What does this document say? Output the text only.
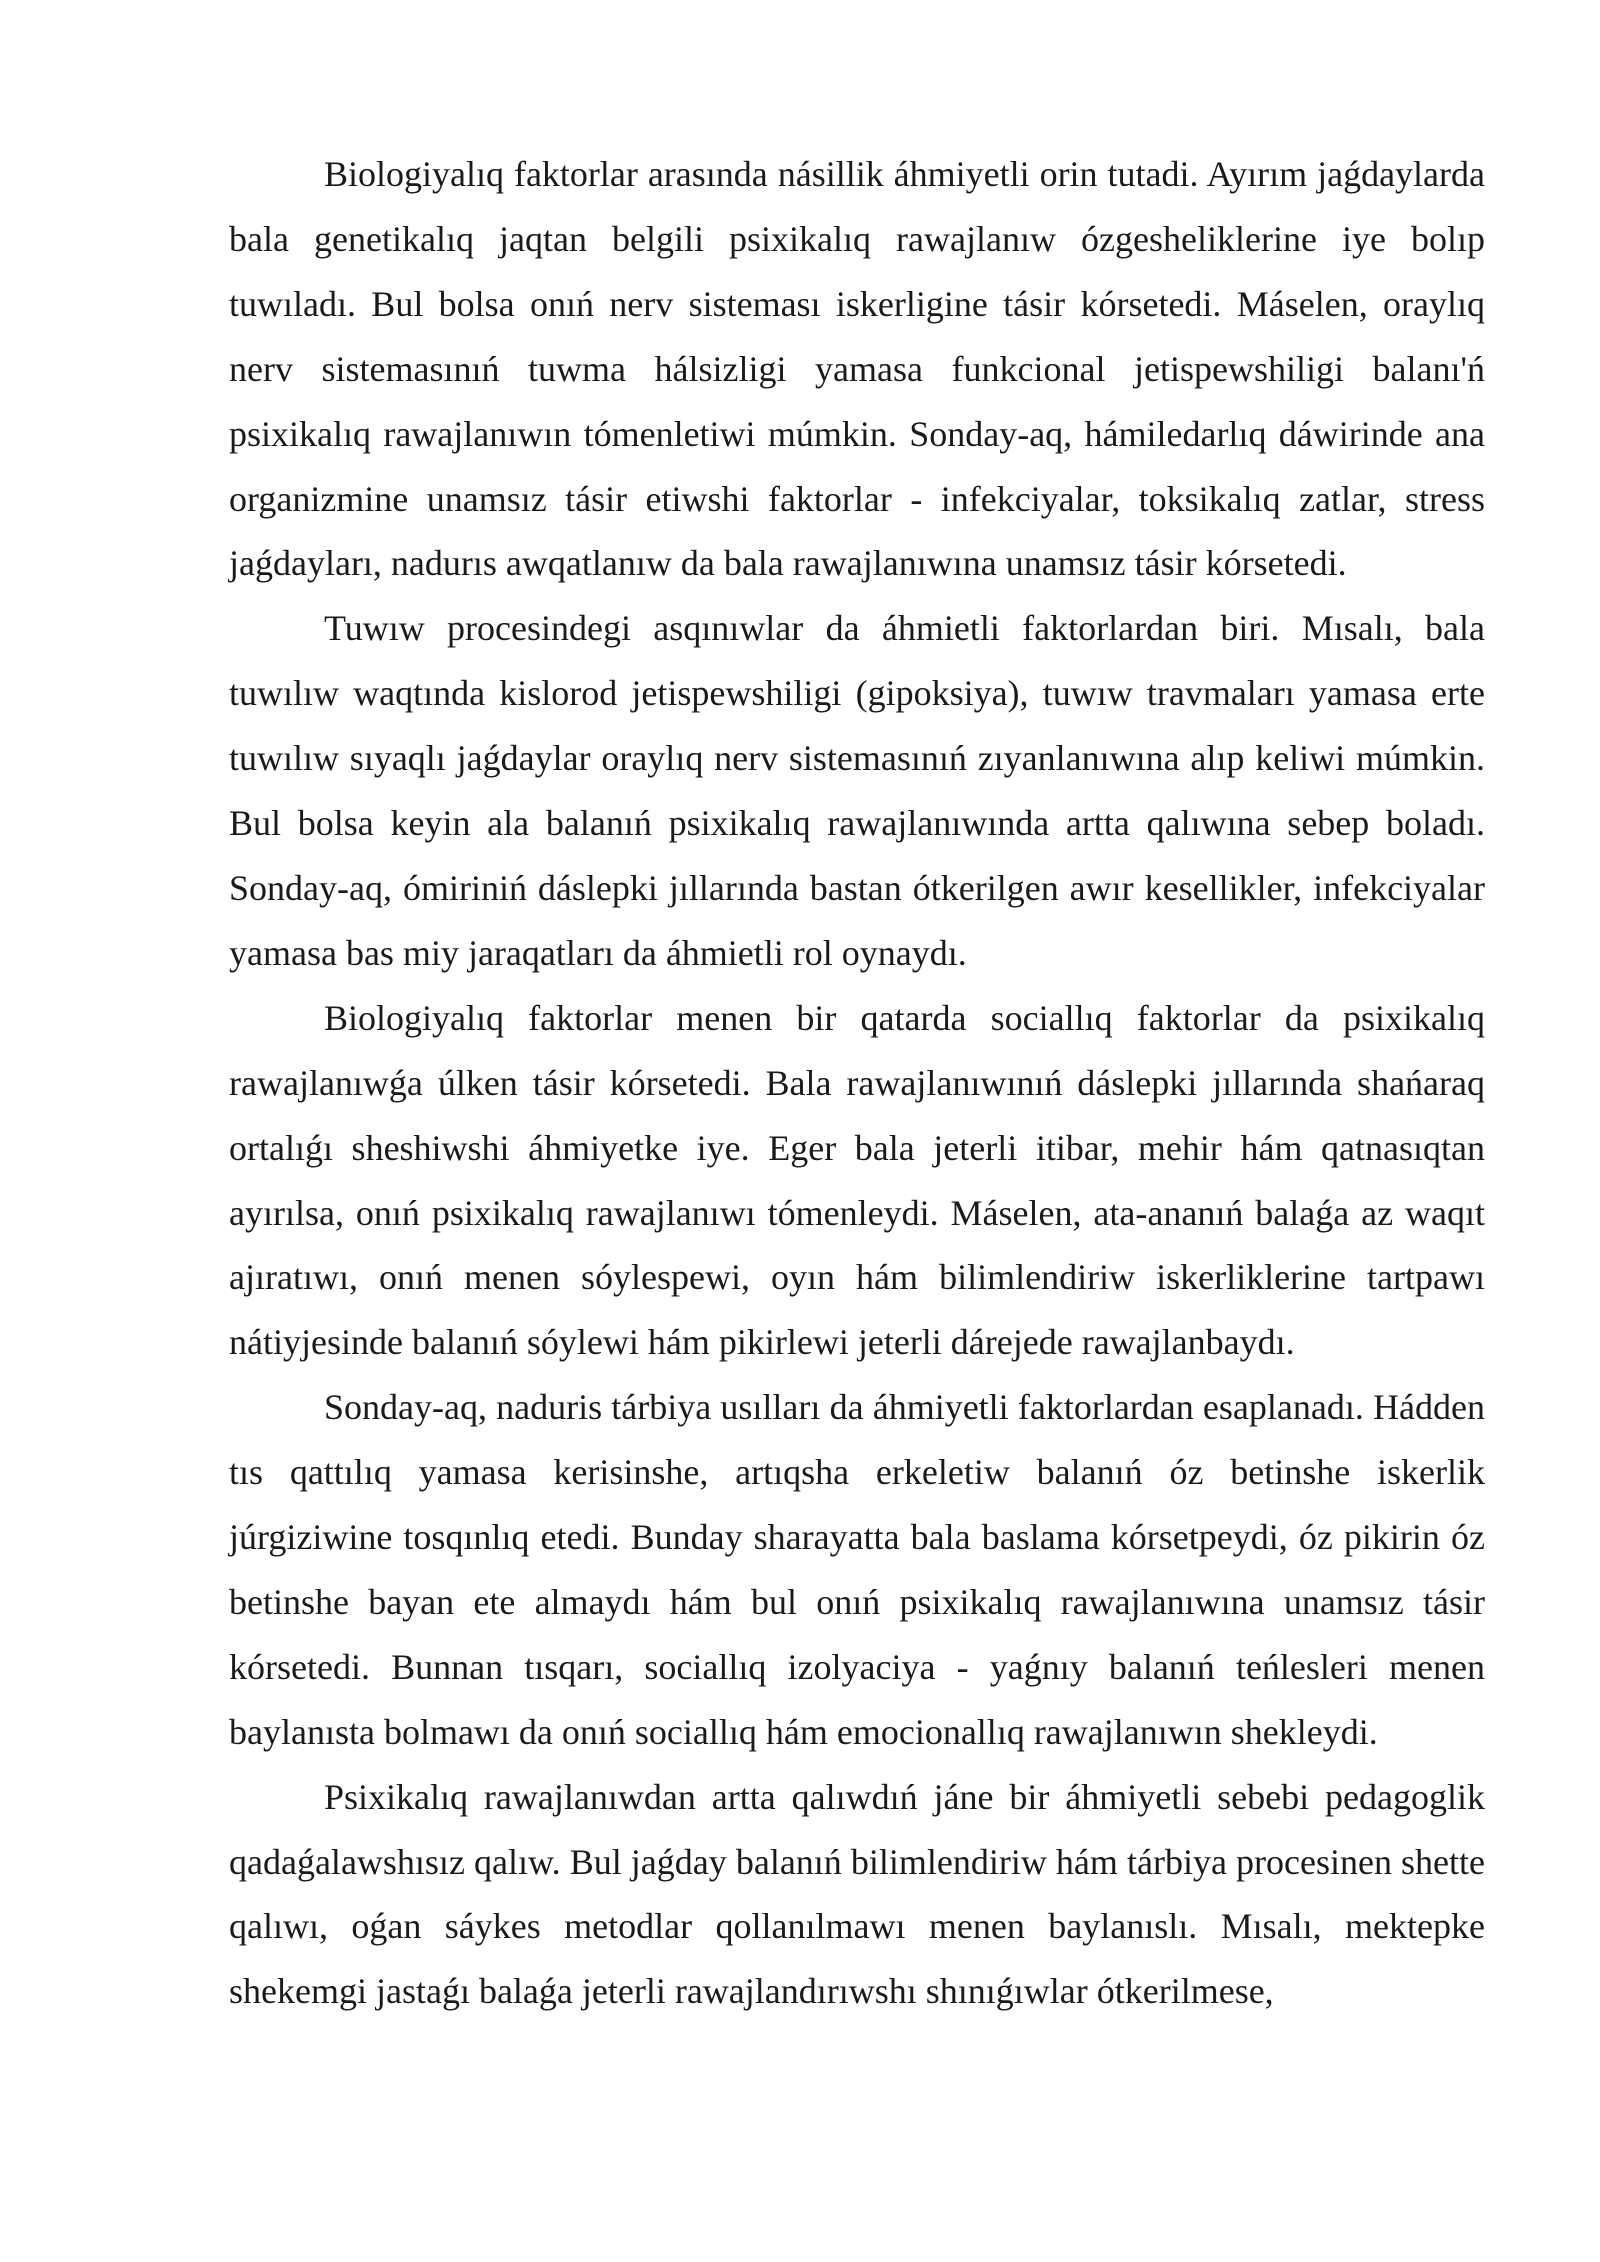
Biologiyalıq faktorlar arasında násillik áhmiyetli orin tutadi. Ayırım jaǵdaylarda bala genetikalıq jaqtan belgili psixikalıq rawajlanıw ózgesheliklerine iye bolıp tuwıladı. Bul bolsa onıń nerv sisteması iskerligine tásir kórsetedi. Máselen, oraylıq nerv sistemasınıń tuwma hálsizligi yamasa funkcional jetispewshiligi balanı'ń psixikalıq rawajlanıwın tómenletiwi múmkin. Sonday-aq, hámiledarlıq dáwirinde ana organizmine unamsız tásir etiwshi faktorlar - infekciyalar, toksikalıq zatlar, stress jaǵdayları, nadurıs awqatlanıw da bala rawajlanıwına unamsız tásir kórsetedi.

Tuwıw procesindegi asqınıwlar da áhmietli faktorlardan biri. Mısalı, bala tuwılıw waqtında kislorod jetispewshiligi (gipoksiya), tuwıw travmaları yamasa erte tuwılıw sıyaqlı jaǵdaylar oraylıq nerv sistemasınıń zıyanlanıwına alıp keliwi múmkin. Bul bolsa keyin ala balanıń psixikalıq rawajlanıwında artta qalıwına sebep boladı. Sonday-aq, ómiriniń dáslepki jıllarında bastan ótkerilgen awır kesellikler, infekciyalar yamasa bas miy jaraqatları da áhmietli rol oynaydı.

Biologiyalıq faktorlar menen bir qatarda sociallıq faktorlar da psixikalıq rawajlanıwǵa úlken tásir kórsetedi. Bala rawajlanıwınıń dáslepki jıllarında shańaraq ortalıǵı sheshiwshi áhmiyetke iye. Eger bala jeterli itibar, mehir hám qatnasıqtan ayırılsa, onıń psixikalıq rawajlanıwı tómenleydi. Máselen, ata-ananıń balaǵa az waqıt ajıratıwı, onıń menen sóylespewi, oyın hám bilimlendiriw iskerliklerine tartpawı nátiyjesinde balanıń sóylewi hám pikirlewi jeterli dárejede rawajlanbaydı.

Sonday-aq, naduris tárbiya usılları da áhmiyetli faktorlardan esaplanadı. Hádden tıs qattılıq yamasa kerisinshe, artıqsha erkeletiw balanıń óz betinshe iskerlik júrgiziwine tosqınlıq etedi. Bunday sharayatta bala baslama kórsetpeydi, óz pikirin óz betinshe bayan ete almaydı hám bul onıń psixikalıq rawajlanıwına unamsız tásir kórsetedi. Bunnan tısqarı, sociallıq izolyaciya - yaǵnıy balanıń teńlesleri menen baylanısta bolmawı da onıń sociallıq hám emocionallıq rawajlanıwın shekleydi.

Psixikalıq rawajlanıwdan artta qalıwdıń jáne bir áhmiyetli sebebi pedagoglik qadaǵalawshısız qalıw. Bul jaǵday balanıń bilimlendiriw hám tárbiya procesinen shette qalıwı, oǵan sáykes metodlar qollanılmawı menen baylanıslı. Mısalı, mektepke shekemgi jastaǵı balaǵa jeterli rawajlandırıwshı shınıǵıwlar ótkerilmese,
